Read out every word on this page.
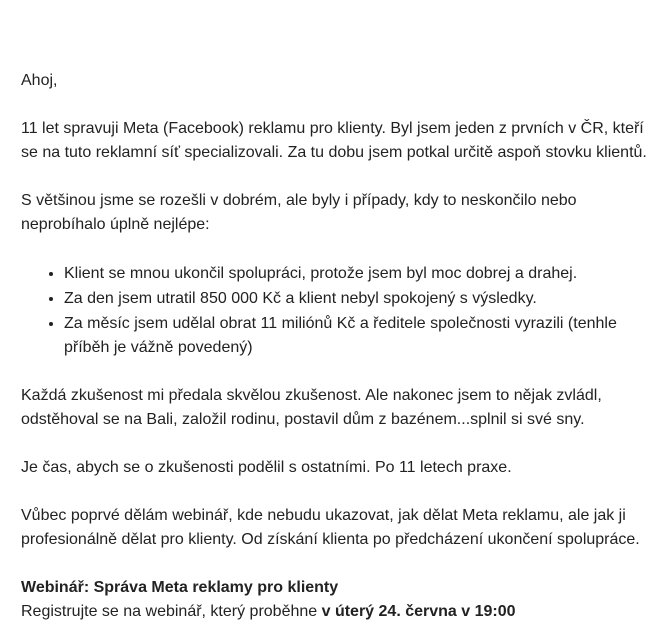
Ahoj,

11 let spravuji Meta (Facebook) reklamu pro klienty. Byl jsem jeden z prvních v ČR, kteří
se na tuto reklamní síť specializovali. Za tu dobu jsem potkal určitě aspoň stovku klientů.

S většinou jsme se rozešli v dobrém, ale byly i případy, kdy to neskončilo nebo
neprobíhalo úplně nejlépe:

• Klient se mnou ukončil spolupráci, protože jsem byl moc dobrej a drahej.
• Za den jsem utratil 850 000 Kč a klient nebyl spokojený s výsledky.
• Za měsíc jsem udělal obrat 11 miliónů Kč a ředitele společnosti vyrazili (tenhle
příběh je vážně povedený)

Každá zkušenost mi předala skvělou zkušenost. Ale nakonec jsem to nějak zvládl,
odstěhoval se na Bali, založil rodinu, postavil dům z bazénem...splnil si své sny.

Je čas, abych se o zkušenosti podělil s ostatními. Po 11 letech praxe.

Vůbec poprvé dělám webinář, kde nebudu ukazovat, jak dělat Meta reklamu, ale jak ji
profesionálně dělat pro klienty. Od získání klienta po předcházení ukončení spolupráce.

Webinář: Správa Meta reklamy pro klienty

Registrujte se na webinář, který proběhne v úterý 24. června v 19:00
